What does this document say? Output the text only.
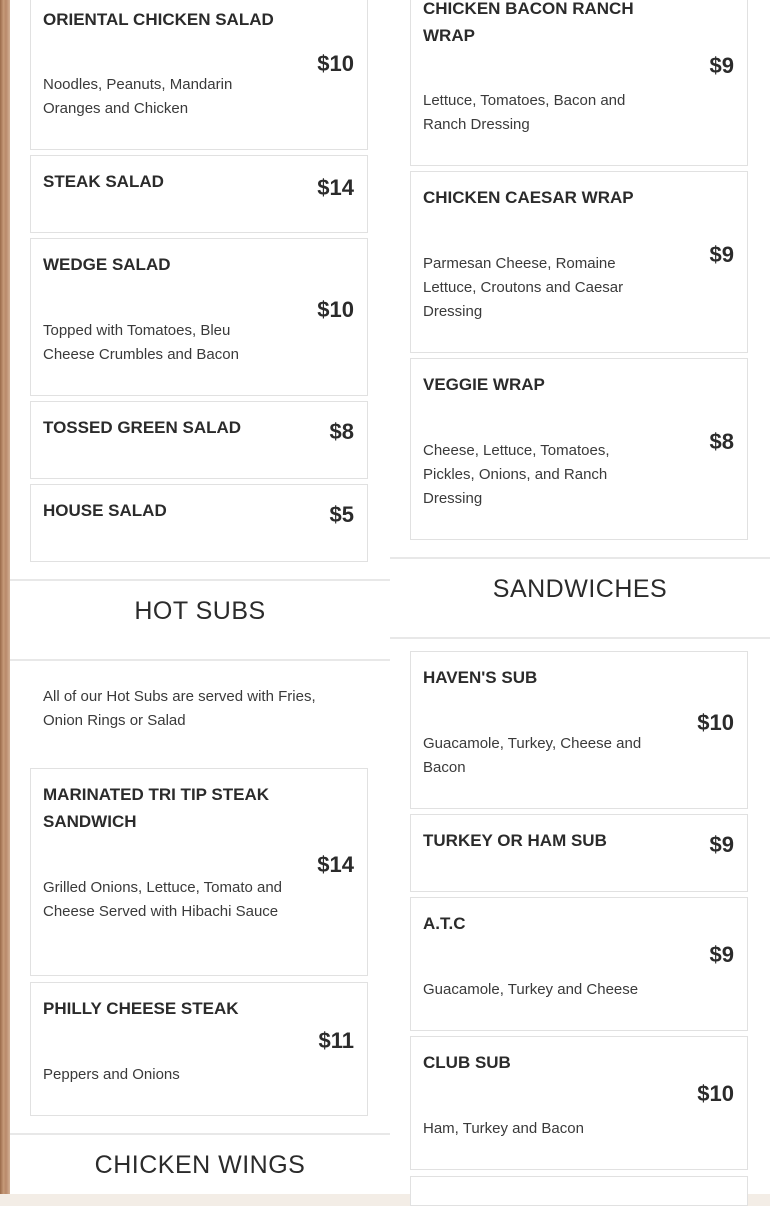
ORIENTAL CHICKEN SALAD
Noodles, Peanuts, Mandarin Oranges and Chicken
$10
STEAK SALAD	$14
WEDGE SALAD
Topped with Tomatoes, Bleu Cheese Crumbles and Bacon
$10
TOSSED GREEN SALAD	$8
HOUSE SALAD	$5
HOT SUBS
All of our Hot Subs are served with Fries, Onion Rings or Salad
MARINATED TRI TIP STEAK SANDWICH
Grilled Onions, Lettuce, Tomato and Cheese Served with Hibachi Sauce
$14
PHILLY CHEESE STEAK
Peppers and Onions
$11
CHICKEN WINGS
CHICKEN BACON RANCH WRAP
Lettuce, Tomatoes, Bacon and Ranch Dressing
$9
CHICKEN CAESAR WRAP
Parmesan Cheese, Romaine Lettuce, Croutons and Caesar Dressing
$9
VEGGIE WRAP
Cheese, Lettuce, Tomatoes, Pickles, Onions, and Ranch Dressing
$8
SANDWICHES
HAVEN'S SUB
Guacamole, Turkey, Cheese and Bacon
$10
TURKEY OR HAM SUB	$9
A.T.C
Guacamole, Turkey and Cheese
$9
CLUB SUB
Ham, Turkey and Bacon
$10
